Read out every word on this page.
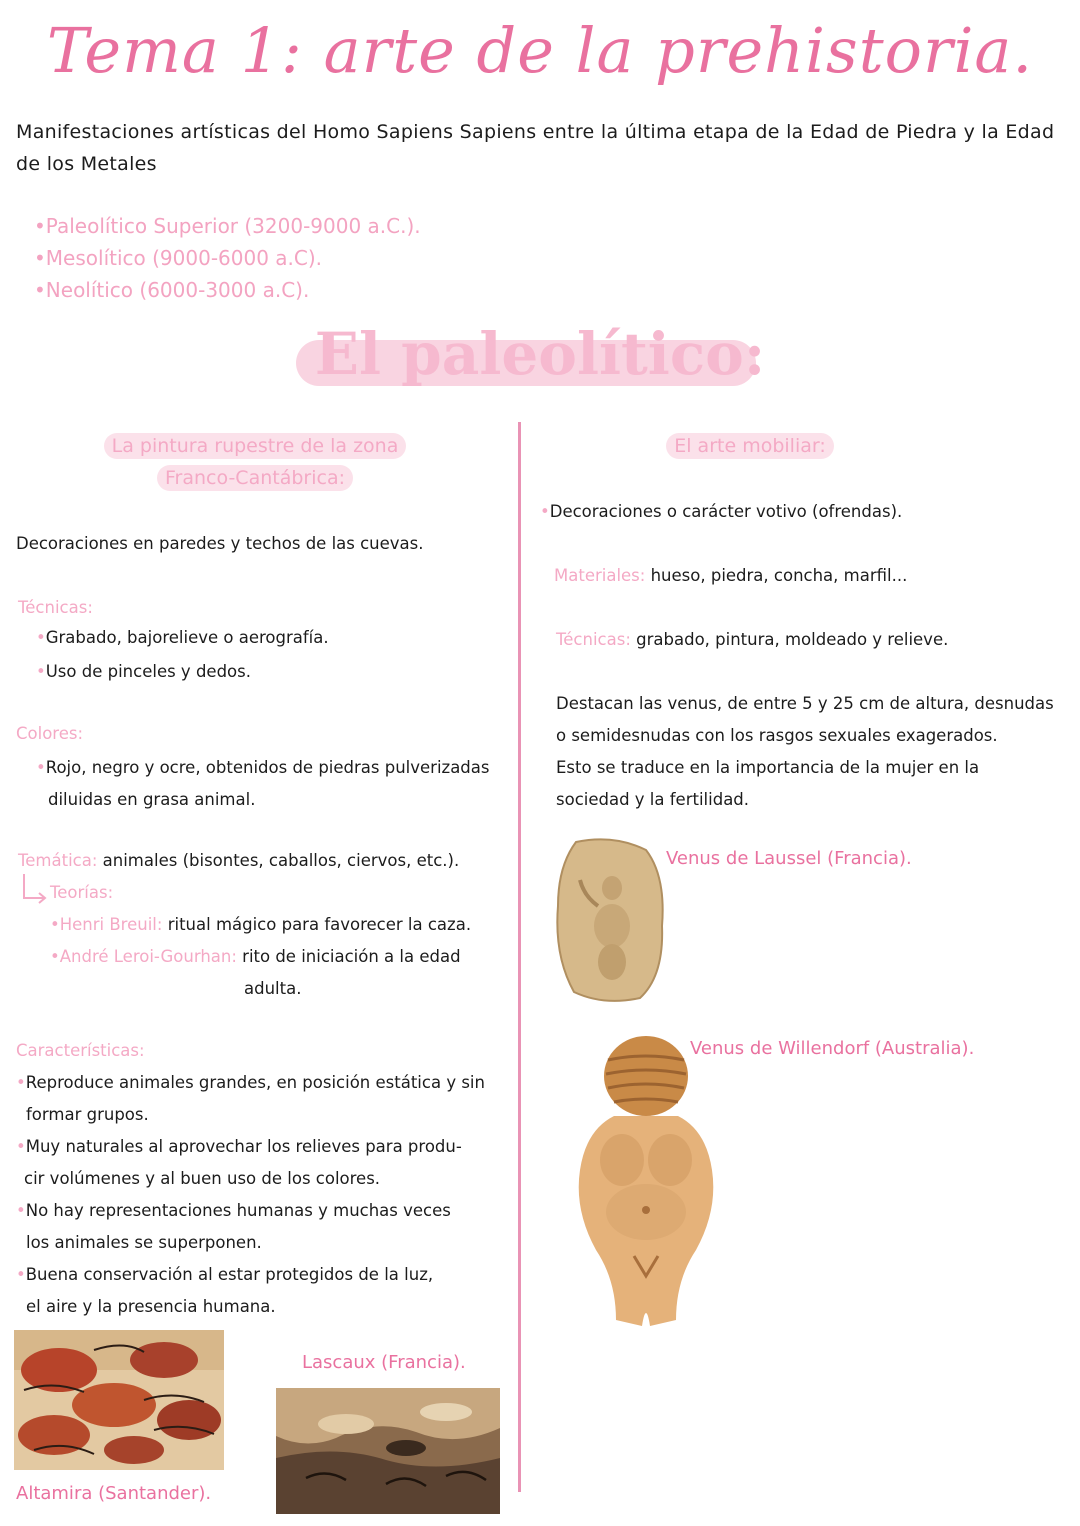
Tema 1: arte de la prehistoria.
Manifestaciones artísticas del Homo Sapiens Sapiens entre la última etapa de la Edad de Piedra y la Edad de los Metales
•Paleolítico Superior (3200-9000 a.C.).
•Mesolítico (9000-6000 a.C).
•Neolítico (6000-3000 a.C).
El paleolítico:
La pintura rupestre de la zona
Franco-Cantábrica:
Decoraciones en paredes y techos de las cuevas.
Técnicas:
•Grabado, bajorelieve o aerografía.
•Uso de pinceles y dedos.
Colores:
•Rojo, negro y ocre, obtenidos de piedras pulverizadas
diluidas en grasa animal.
Temática: animales (bisontes, caballos, ciervos, etc.).
Teorías:
•Henri Breuil: ritual mágico para favorecer la caza.
•André Leroi-Gourhan: rito de iniciación a la edad
adulta.
Características:
•Reproduce animales grandes, en posición estática y sin
formar grupos.
•Muy naturales al aprovechar los relieves para produ-
cir volúmenes y al buen uso de los colores.
•No hay representaciones humanas y muchas veces
los animales se superponen.
•Buena conservación al estar protegidos de la luz,
el aire y la presencia humana.
Altamira (Santander).
Lascaux (Francia).
El arte mobiliar:
•Decoraciones o carácter votivo (ofrendas).
Materiales: hueso, piedra, concha, marfil...
Técnicas: grabado, pintura, moldeado y relieve.
Destacan las venus, de entre 5 y 25 cm de altura, desnudas
o semidesnudas con los rasgos sexuales exagerados.
Esto se traduce en la importancia de la mujer en la
sociedad y la fertilidad.
Venus de Laussel (Francia).
Venus de Willendorf (Australia).
